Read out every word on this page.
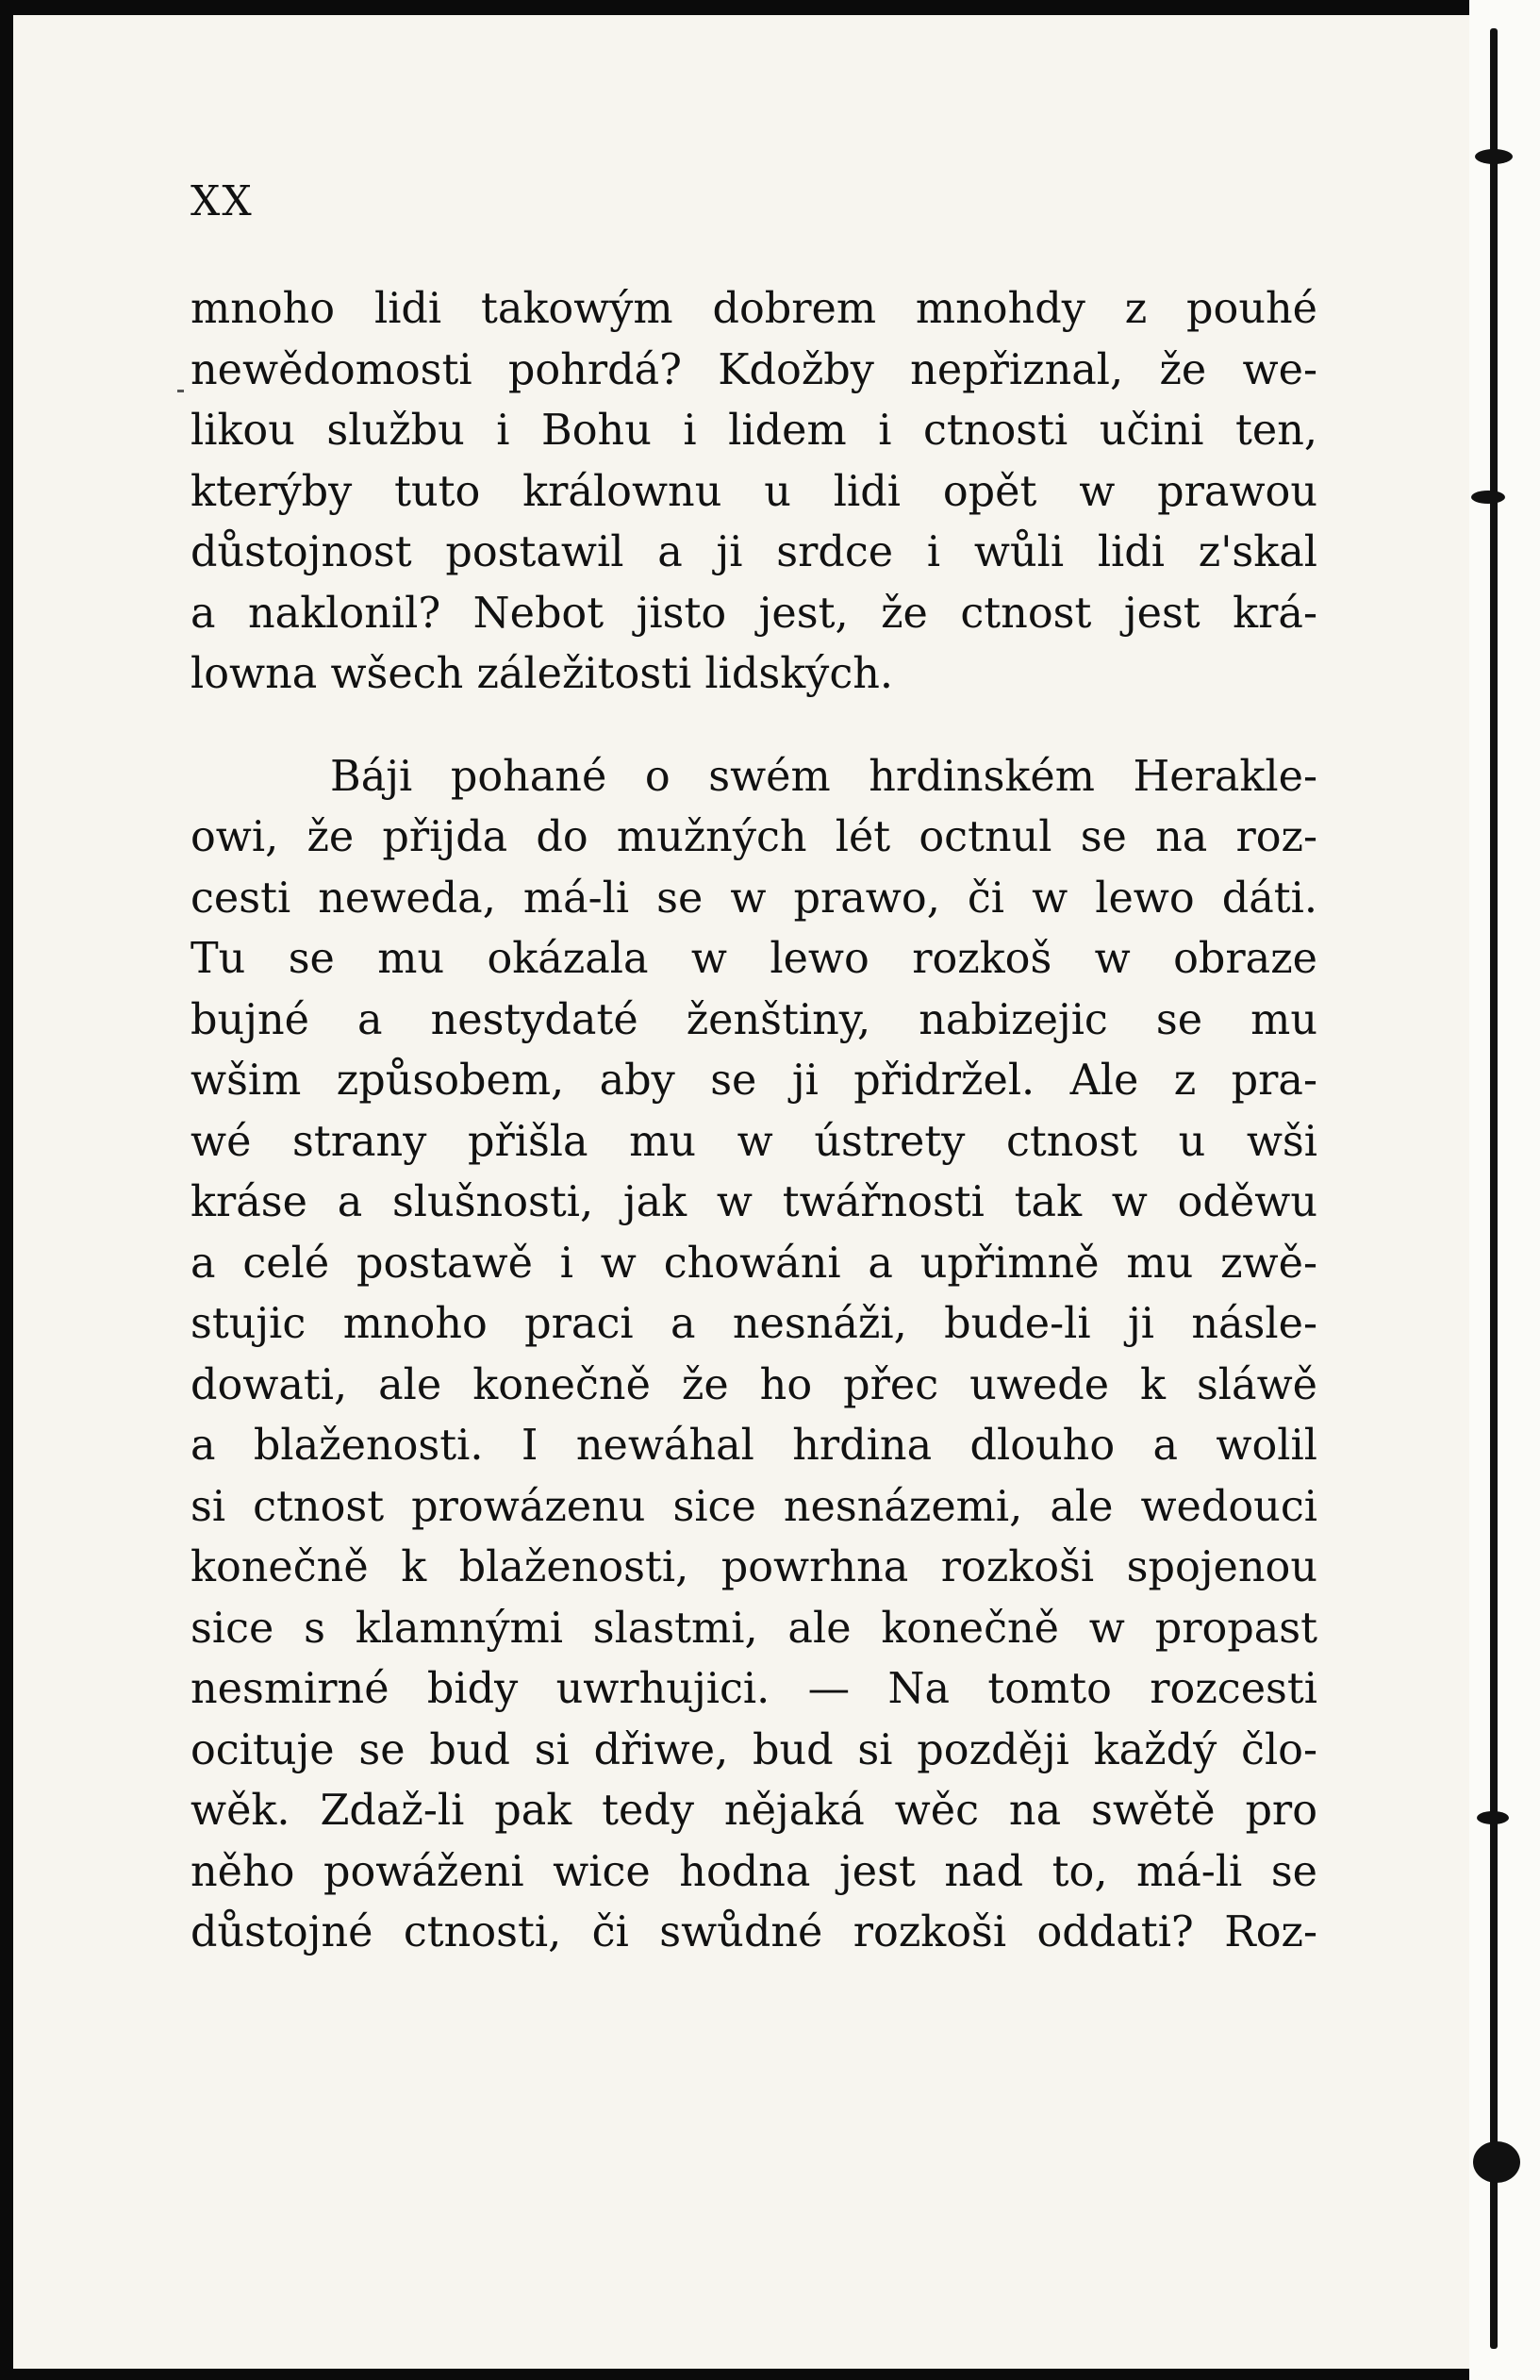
XX
mnoho lidi takowým dobrem mnohdy z pouhé
newědomosti pohrdá? Kdožby nepřiznal, že we-
likou službu i Bohu i lidem i ctnosti učini ten,
kterýby tuto králownu u lidi opět w prawou
důstojnost postawil a ji srdce i wůli lidi z'skal
a naklonil? Nebot jisto jest, že ctnost jest krá-
lowna wšech záležitosti lidských.
Báji pohané o swém hrdinském Herakle-
owi, že přijda do mužných lét octnul se na roz-
cesti neweda, má-li se w prawo, či w lewo dáti.
Tu se mu okázala w lewo rozkoš w obraze
bujné a nestydaté ženštiny, nabizejic se mu
wšim způsobem, aby se ji přidržel. Ale z pra-
wé strany přišla mu w ústrety ctnost u wši
kráse a slušnosti, jak w twářnosti tak w oděwu
a celé postawě i w chowáni a upřimně mu zwě-
stujic mnoho praci a nesnáži, bude-li ji násle-
dowati, ale konečně že ho přec uwede k sláwě
a blaženosti. I newáhal hrdina dlouho a wolil
si ctnost prowázenu sice nesnázemi, ale wedouci
konečně k blaženosti, powrhna rozkoši spojenou
sice s klamnými slastmi, ale konečně w propast
nesmirné bidy uwrhujici. — Na tomto rozcesti
ocituje se bud si dřiwe, bud si později každý člo-
wěk. Zdaž-li pak tedy nějaká wěc na swětě pro
něho powáženi wice hodna jest nad to, má-li se
důstojné ctnosti, či swůdné rozkoši oddati? Roz-
